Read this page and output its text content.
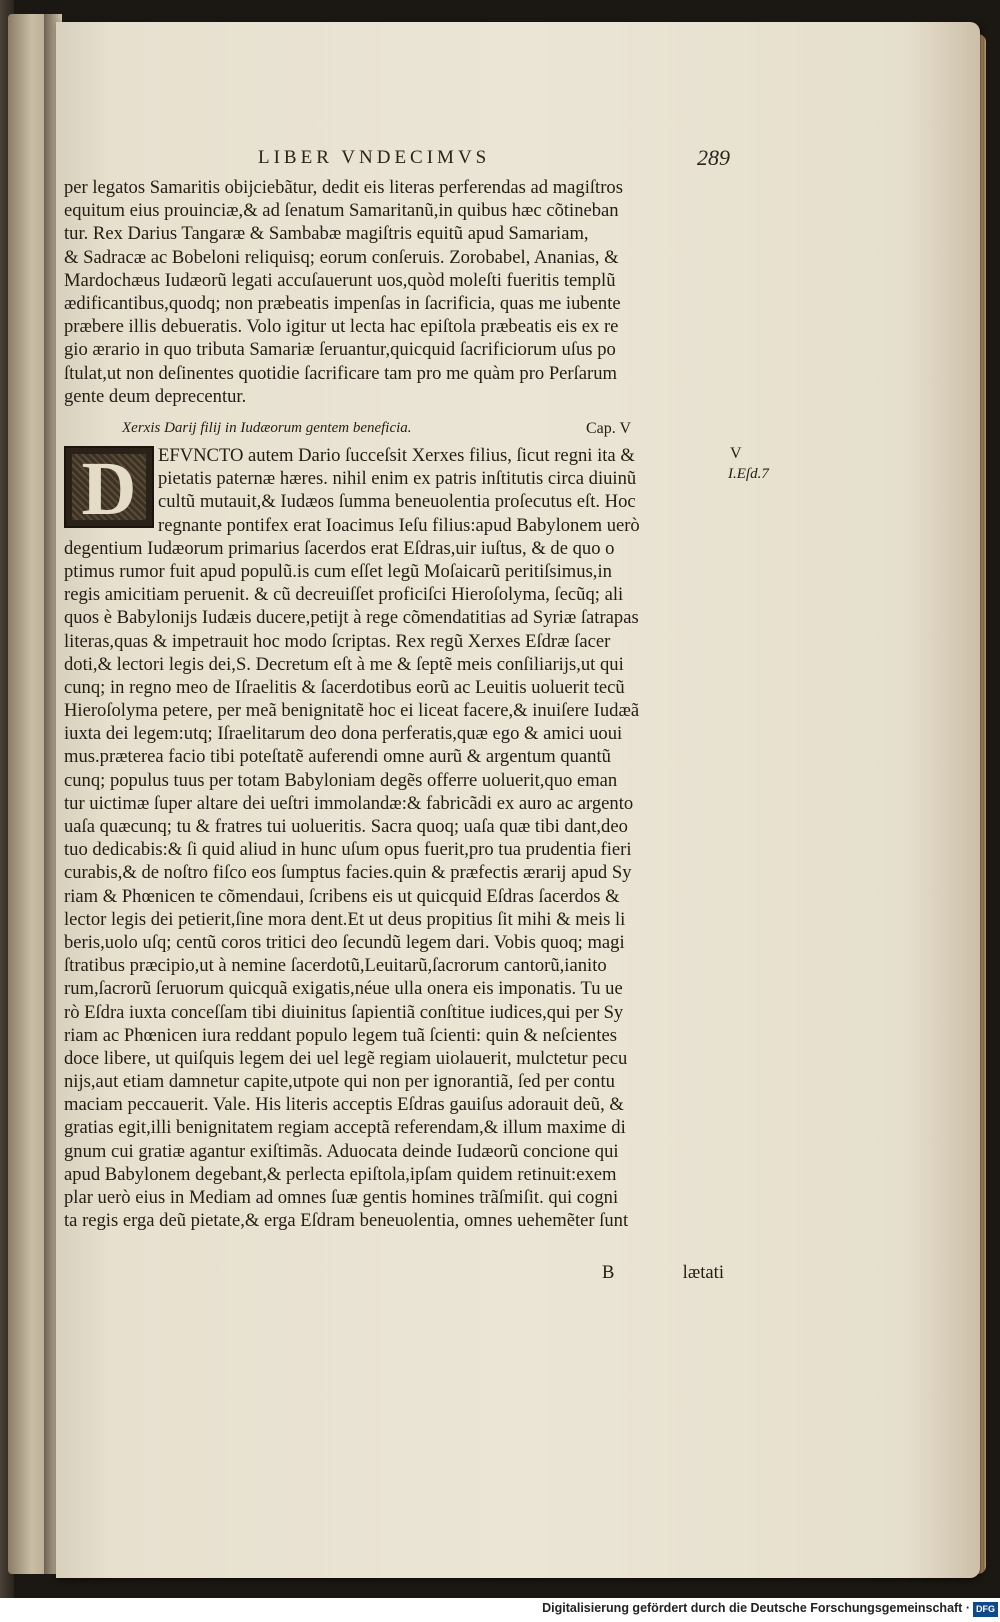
LIBER VNDECIMVS	289
per legatos Samaritis obijciebãtur, dedit eis literas perferendas ad magiſtros
equitum eius prouinciæ,& ad ſenatum Samaritanũ,in quibus hæc cõtineban
tur. Rex Darius Tangaræ & Sambabæ magiſtris equitũ apud Samariam,
& Sadracæ ac Bobeloni reliquisq; eorum conſeruis. Zorobabel, Ananias, &
Mardochæus Iudæorũ legati accuſauerunt uos,quòd moleſti fueritis templũ
ædificantibus,quodq; non præbeatis impenſas in ſacrificia, quas me iubente
præbere illis debueratis. Volo igitur ut lecta hac epiſtola præbeatis eis ex re
gio ærario in quo tributa Samariæ ſeruantur,quicquid ſacrificiorum uſus po
ſtulat,ut non deſinentes quotidie ſacrificare tam pro me quàm pro Perſarum
gente deum deprecentur.
Xerxis Darij filij in Iudæorum gentem beneficia.	Cap. V
D	V
I.Eſd.7
EFVNCTO autem Dario ſucceſsit Xerxes filius, ſicut regni ita &
pietatis paternæ hæres. nihil enim ex patris inſtitutis circa diuinũ
cultũ mutauit,& Iudæos ſumma beneuolentia proſecutus eſt. Hoc
regnante pontifex erat Ioacimus Ieſu filius:apud Babylonem uerò
degentium Iudæorum primarius ſacerdos erat Eſdras,uir iuſtus, & de quo o
ptimus rumor fuit apud populũ.is cum eſſet legũ Moſaicarũ peritiſsimus,in
regis amicitiam peruenit. & cũ decreuiſſet proficiſci Hieroſolyma, ſecũq; ali
quos è Babylonijs Iudæis ducere,petijt à rege cõmendatitias ad Syriæ ſatrapas
literas,quas & impetrauit hoc modo ſcriptas. Rex regũ Xerxes Eſdræ ſacer
doti,& lectori legis dei,S. Decretum eſt à me & ſeptẽ meis conſiliarijs,ut qui
cunq; in regno meo de Iſraelitis & ſacerdotibus eorũ ac Leuitis uoluerit tecũ
Hieroſolyma petere, per meã benignitatẽ hoc ei liceat facere,& inuiſere Iudæã
iuxta dei legem:utq; Iſraelitarum deo dona perferatis,quæ ego & amici uoui
mus.præterea facio tibi poteſtatẽ auferendi omne aurũ & argentum quantũ
cunq; populus tuus per totam Babyloniam degẽs offerre uoluerit,quo eman
tur uictimæ ſuper altare dei ueſtri immolandæ:& fabricãdi ex auro ac argento
uaſa quæcunq; tu & fratres tui uolueritis. Sacra quoq; uaſa quæ tibi dant,deo
tuo dedicabis:& ſi quid aliud in hunc uſum opus fuerit,pro tua prudentia fieri
curabis,& de noſtro fiſco eos ſumptus facies.quin & præfectis ærarij apud Sy
riam & Phœnicen te cõmendaui, ſcribens eis ut quicquid Eſdras ſacerdos &
lector legis dei petierit,ſine mora dent.Et ut deus propitius ſit mihi & meis li
beris,uolo uſq; centũ coros tritici deo ſecundũ legem dari. Vobis quoq; magi
ſtratibus præcipio,ut à nemine ſacerdotũ,Leuitarũ,ſacrorum cantorũ,ianito
rum,ſacrorũ ſeruorum quicquã exigatis,néue ulla onera eis imponatis. Tu ue
rò Eſdra iuxta conceſſam tibi diuinitus ſapientiã conſtitue iudices,qui per Sy
riam ac Phœnicen iura reddant populo legem tuã ſcienti: quin & neſcientes
doce libere, ut quiſquis legem dei uel legẽ regiam uiolauerit, mulctetur pecu
nijs,aut etiam damnetur capite,utpote qui non per ignorantiã, ſed per contu
maciam peccauerit. Vale. His literis acceptis Eſdras gauiſus adorauit deũ, &
gratias egit,illi benignitatem regiam acceptã referendam,& illum maxime di
gnum cui gratiæ agantur exiſtimãs. Aduocata deinde Iudæorũ concione qui
apud Babylonem degebant,& perlecta epiſtola,ipſam quidem retinuit:exem
plar uerò eius in Mediam ad omnes ſuæ gentis homines trãſmiſit. qui cogni
ta regis erga deũ pietate,& erga Eſdram beneuolentia, omnes uehemẽter ſunt
B	lætati
Digitalisierung gefördert durch die Deutsche Forschungsgemeinschaft · DFG
